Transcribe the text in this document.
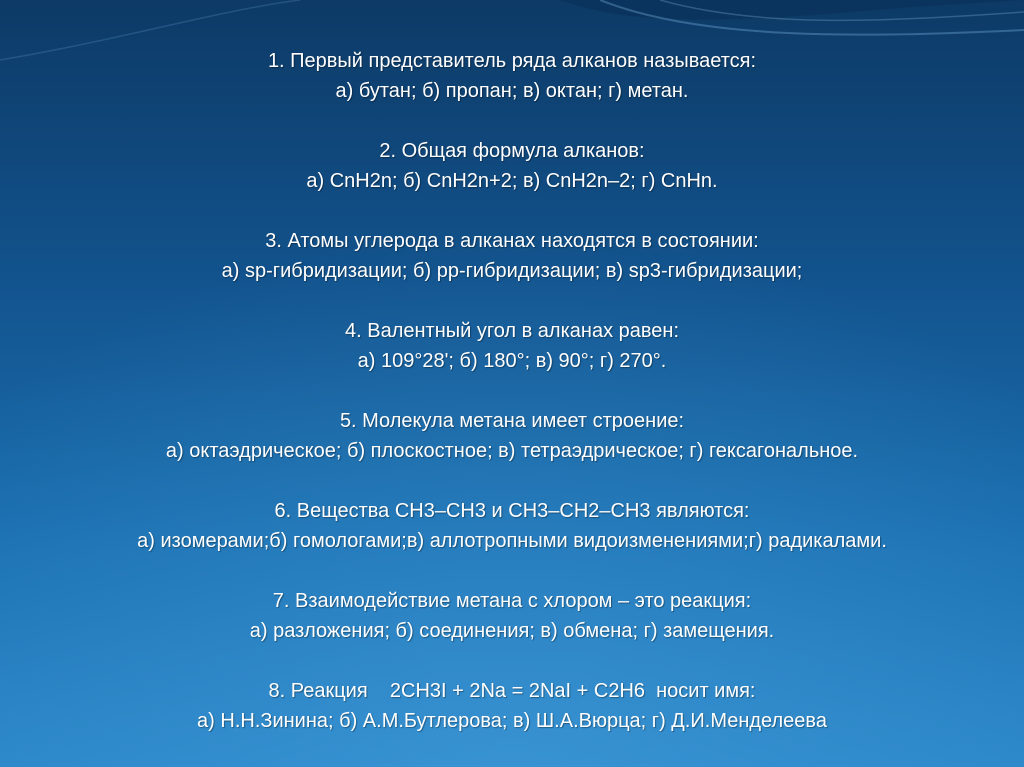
1. Первый представитель ряда алканов называется:
а) бутан; б) пропан; в) октан; г) метан.
2. Общая формула алканов:
а) СnН2n; б) СnН2n+2; в) СnН2n–2; г) СnНn.
3. Атомы углерода в алканах находятся в состоянии:
а) sp-гибридизации; б) pp-гибридизации; в) sp3-гибридизации;
4. Валентный угол в алканах равен:
а) 109°28'; б) 180°; в) 90°; г) 270°.
5. Молекула метана имеет строение:
а) октаэдрическое; б) плоскостное; в) тетраэдрическое; г) гексагональное.
6. Вещества СН3–СН3 и СН3–СН2–СН3 являются:
а) изомерами;б) гомологами;в) аллотропными видоизменениями;г) радикалами.
7. Взаимодействие метана с хлором – это реакция:
а) разложения; б) соединения; в) обмена; г) замещения.
8. Реакция    2CH3I + 2Na = 2NaI + C2H6  носит имя:
а) Н.Н.Зинина; б) А.М.Бутлерова; в) Ш.А.Вюрца; г) Д.И.Менделеева
